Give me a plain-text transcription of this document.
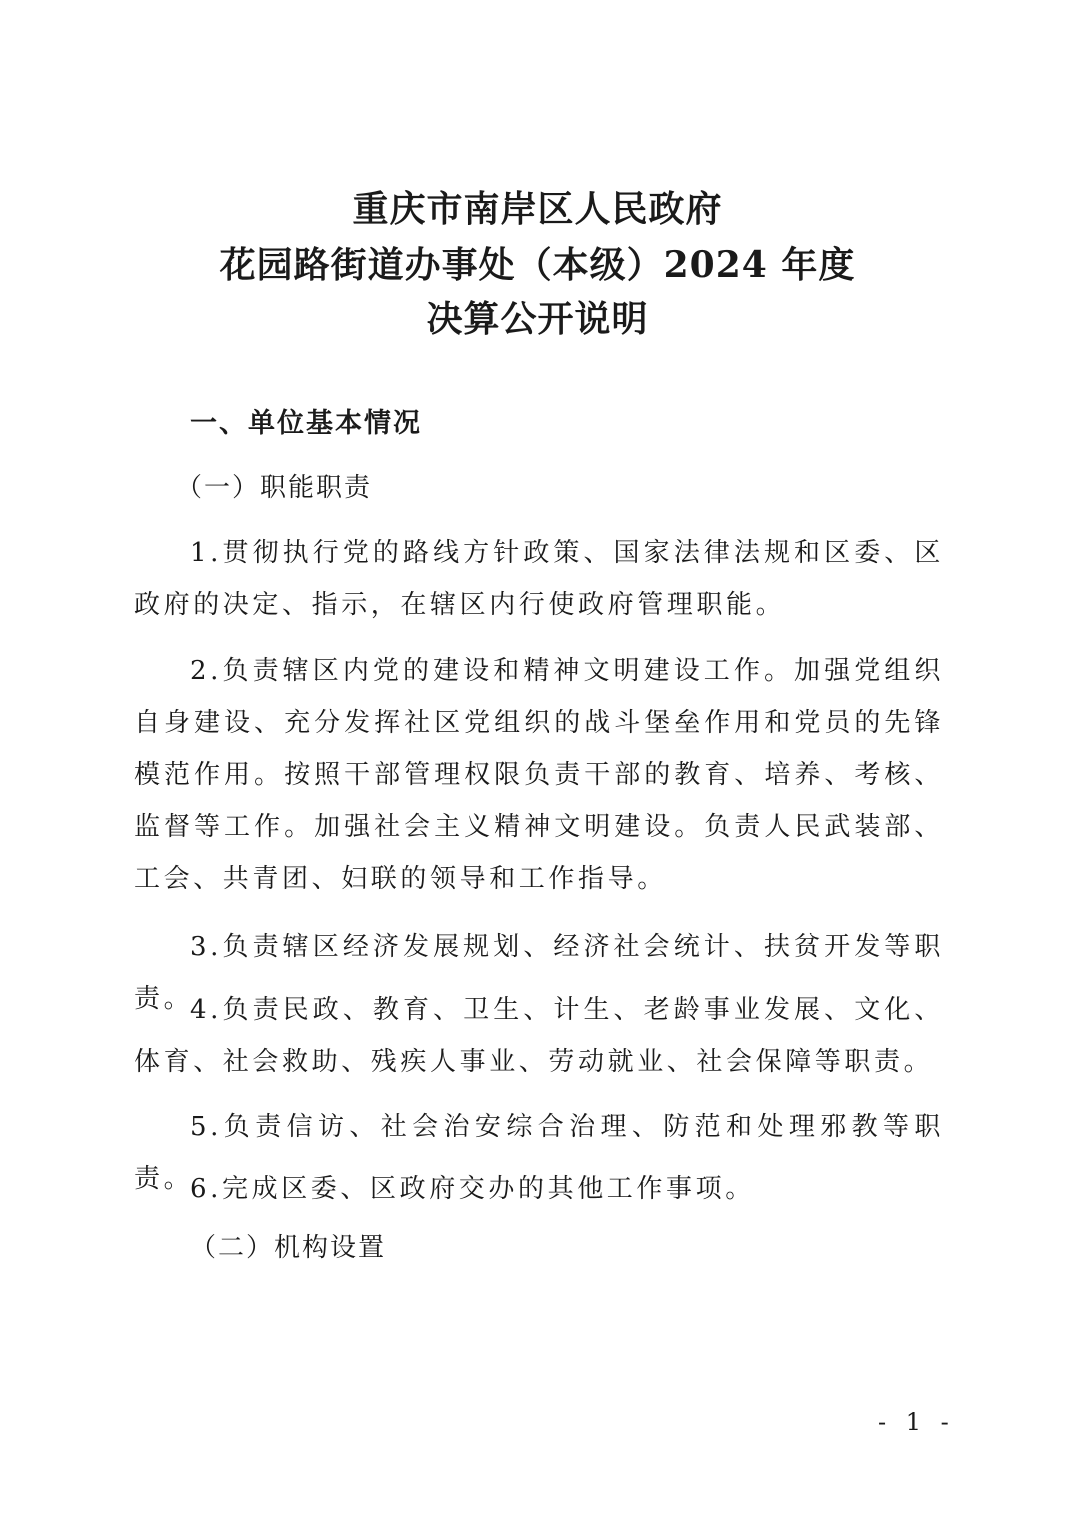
重庆市南岸区人民政府
花园路街道办事处（本级）2024 年度
决算公开说明
一、单位基本情况
（一）职能职责

1.贯彻执行党的路线方针政策、国家法律法规和区委、区政府的决定、指示，在辖区内行使政府管理职能。

2.负责辖区内党的建设和精神文明建设工作。加强党组织自身建设、充分发挥社区党组织的战斗堡垒作用和党员的先锋模范作用。按照干部管理权限负责干部的教育、培养、考核、监督等工作。加强社会主义精神文明建设。负责人民武装部、工会、共青团、妇联的领导和工作指导。

3.负责辖区经济发展规划、经济社会统计、扶贫开发等职责。

4.负责民政、教育、卫生、计生、老龄事业发展、文化、体育、社会救助、残疾人事业、劳动就业、社会保障等职责。

5.负责信访、社会治安综合治理、防范和处理邪教等职责。

6.完成区委、区政府交办的其他工作事项。

（二）机构设置
- 1 -
